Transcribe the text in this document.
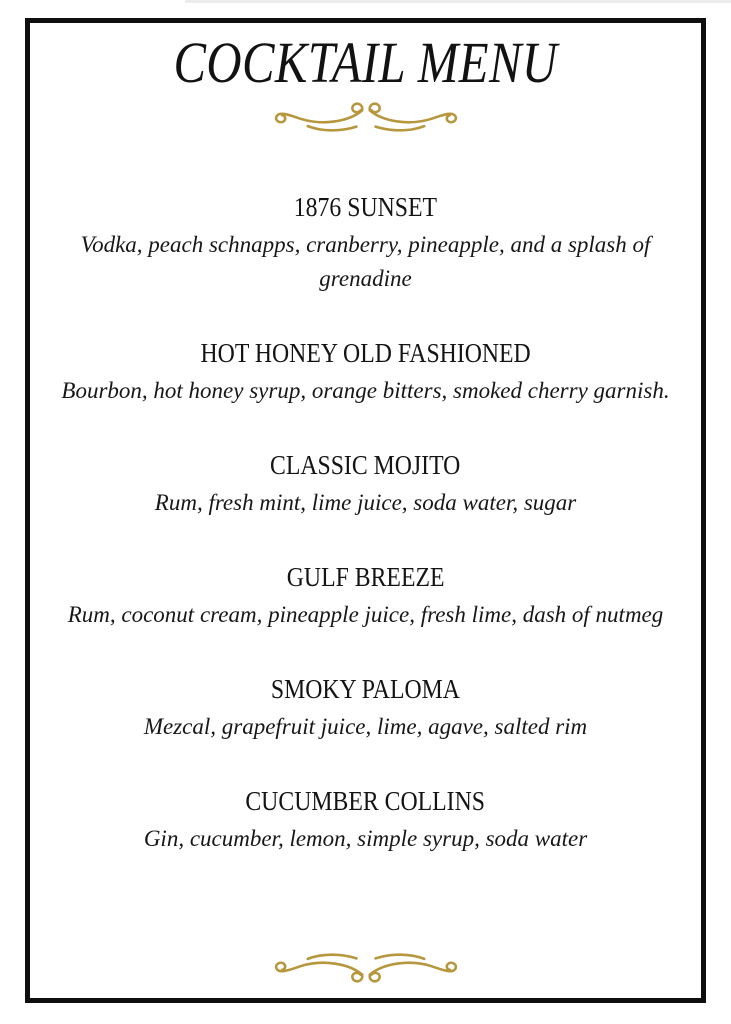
COCKTAIL MENU
1876 SUNSET
Vodka, peach schnapps, cranberry, pineapple, and a splash of grenadine
HOT HONEY OLD FASHIONED
Bourbon, hot honey syrup, orange bitters, smoked cherry garnish.
CLASSIC MOJITO
Rum, fresh mint, lime juice, soda water, sugar
GULF BREEZE
Rum, coconut cream, pineapple juice, fresh lime, dash of nutmeg
SMOKY PALOMA
Mezcal, grapefruit juice, lime, agave, salted rim
CUCUMBER COLLINS
Gin, cucumber, lemon, simple syrup, soda water
